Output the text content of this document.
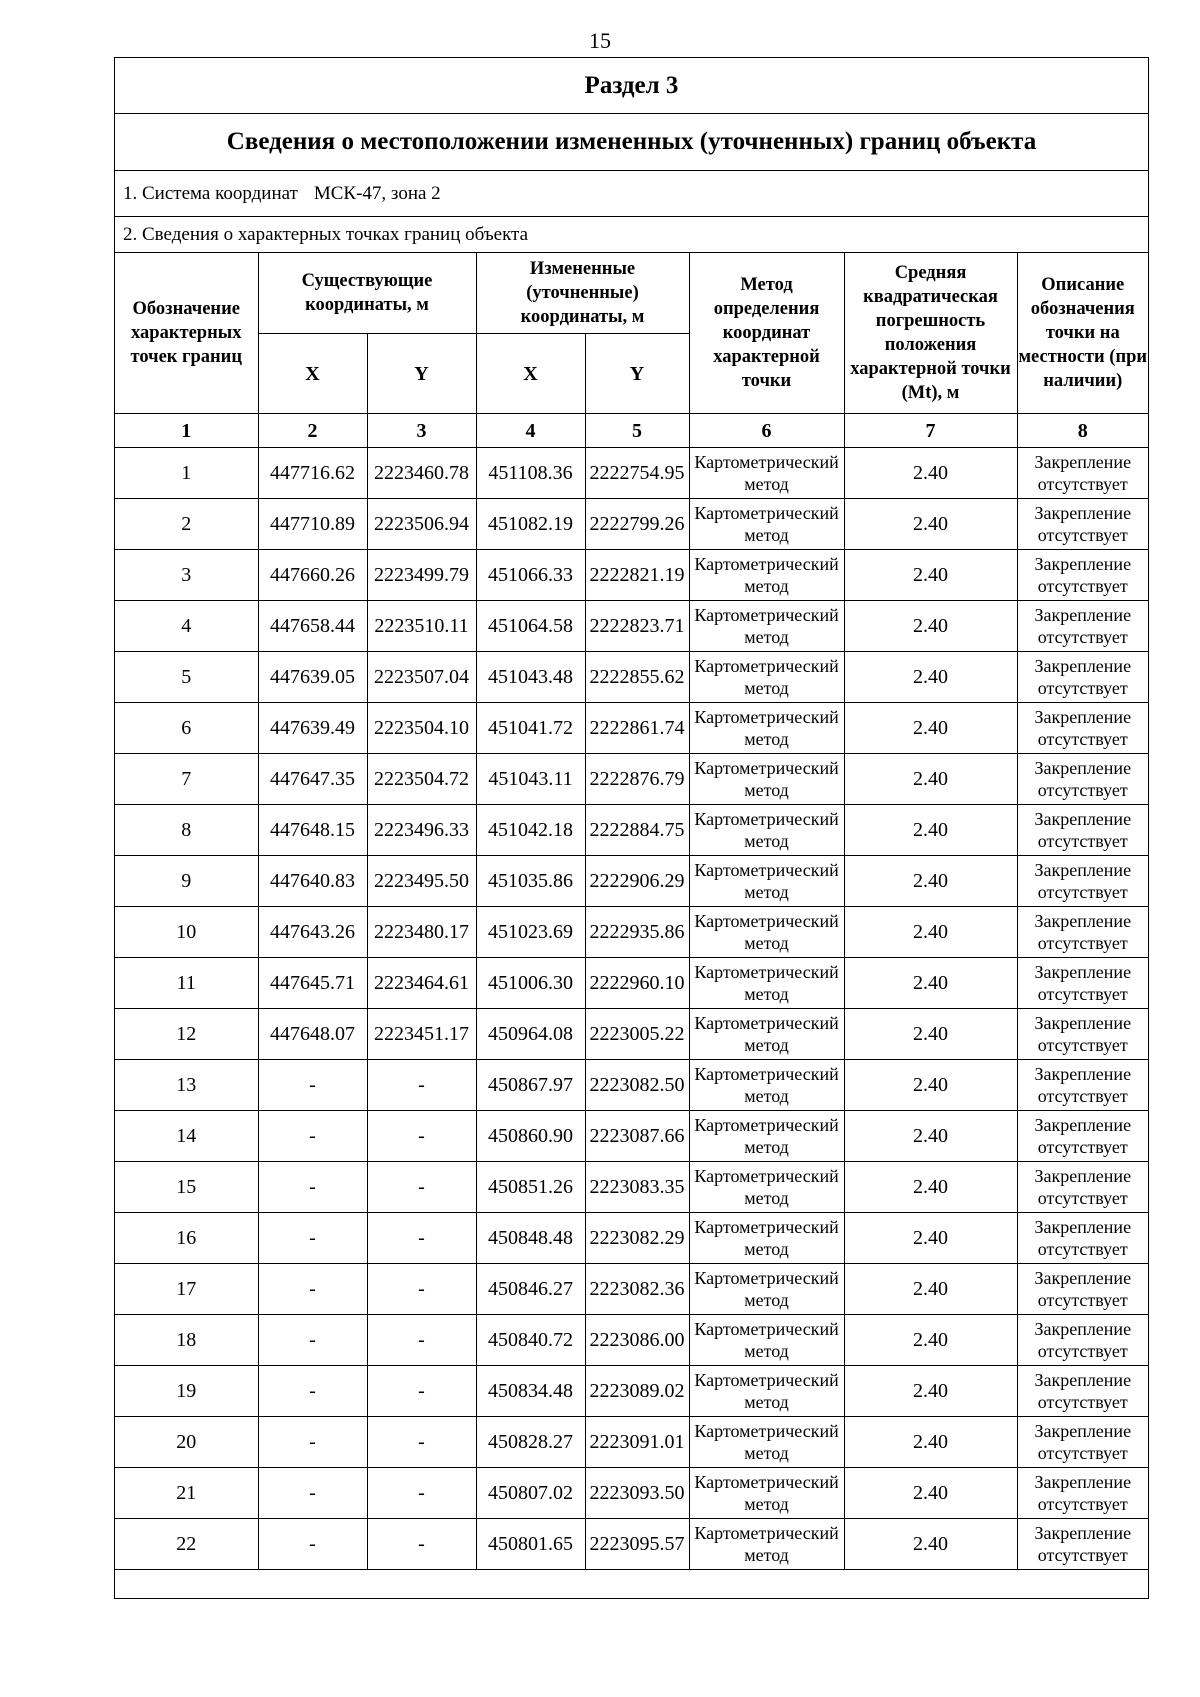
15
Раздел 3
Сведения о местоположении измененных (уточненных) границ объекта
1. Система координат МСК-47, зона 2
2. Сведения о характерных точках границ объекта
Обозначение характерных точек границ	Существующие координаты, м		Измененные (уточненные) координаты, м		Метод определения координат характерной точки	Средняя квадратическая погрешность положения характерной точки (Mt), м	Описание обозначения точки на местности (при наличии)
	X	Y	X	Y			
1	2	3	4	5	6	7	8
1	447716.62	2223460.78	451108.36	2222754.95	Картометрический метод	2.40	Закрепление отсутствует
2	447710.89	2223506.94	451082.19	2222799.26	Картометрический метод	2.40	Закрепление отсутствует
3	447660.26	2223499.79	451066.33	2222821.19	Картометрический метод	2.40	Закрепление отсутствует
4	447658.44	2223510.11	451064.58	2222823.71	Картометрический метод	2.40	Закрепление отсутствует
5	447639.05	2223507.04	451043.48	2222855.62	Картометрический метод	2.40	Закрепление отсутствует
6	447639.49	2223504.10	451041.72	2222861.74	Картометрический метод	2.40	Закрепление отсутствует
7	447647.35	2223504.72	451043.11	2222876.79	Картометрический метод	2.40	Закрепление отсутствует
8	447648.15	2223496.33	451042.18	2222884.75	Картометрический метод	2.40	Закрепление отсутствует
9	447640.83	2223495.50	451035.86	2222906.29	Картометрический метод	2.40	Закрепление отсутствует
10	447643.26	2223480.17	451023.69	2222935.86	Картометрический метод	2.40	Закрепление отсутствует
11	447645.71	2223464.61	451006.30	2222960.10	Картометрический метод	2.40	Закрепление отсутствует
12	447648.07	2223451.17	450964.08	2223005.22	Картометрический метод	2.40	Закрепление отсутствует
13	-	-	450867.97	2223082.50	Картометрический метод	2.40	Закрепление отсутствует
14	-	-	450860.90	2223087.66	Картометрический метод	2.40	Закрепление отсутствует
15	-	-	450851.26	2223083.35	Картометрический метод	2.40	Закрепление отсутствует
16	-	-	450848.48	2223082.29	Картометрический метод	2.40	Закрепление отсутствует
17	-	-	450846.27	2223082.36	Картометрический метод	2.40	Закрепление отсутствует
18	-	-	450840.72	2223086.00	Картометрический метод	2.40	Закрепление отсутствует
19	-	-	450834.48	2223089.02	Картометрический метод	2.40	Закрепление отсутствует
20	-	-	450828.27	2223091.01	Картометрический метод	2.40	Закрепление отсутствует
21	-	-	450807.02	2223093.50	Картометрический метод	2.40	Закрепление отсутствует
22	-	-	450801.65	2223095.57	Картометрический метод	2.40	Закрепление отсутствует
